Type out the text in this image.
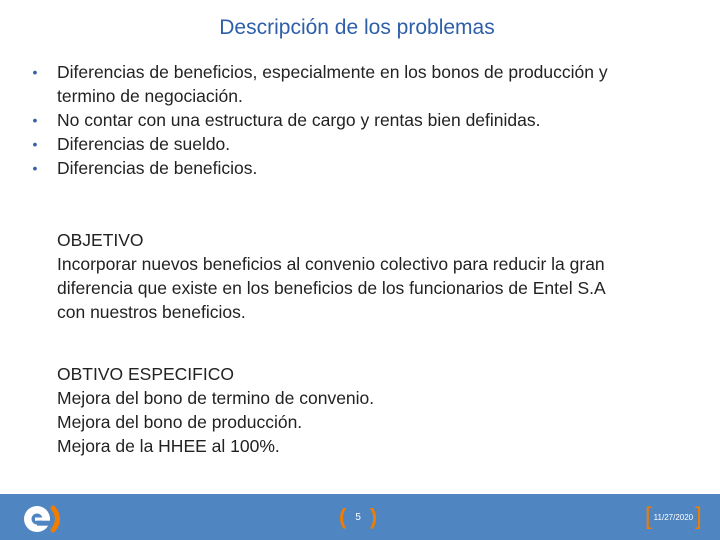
Descripción de los problemas
• Diferencias de beneficios, especialmente en los bonos de producción y
termino de negociación.
• No contar con una estructura de cargo y rentas bien definidas.
• Diferencias de sueldo.
• Diferencias de beneficios.

OBJETIVO

Incorporar nuevos beneficios al convenio colectivo para reducir la gran

diferencia que existe en los beneficios de los funcionarios de Entel S.A

con nuestros beneficios.

OBTIVO ESPECIFICO

Mejora del bono de termino de convenio.

Mejora del bono de producción.

Mejora de la HHEE al 100%.

( 5 )	[ 11/27/2020 ]
